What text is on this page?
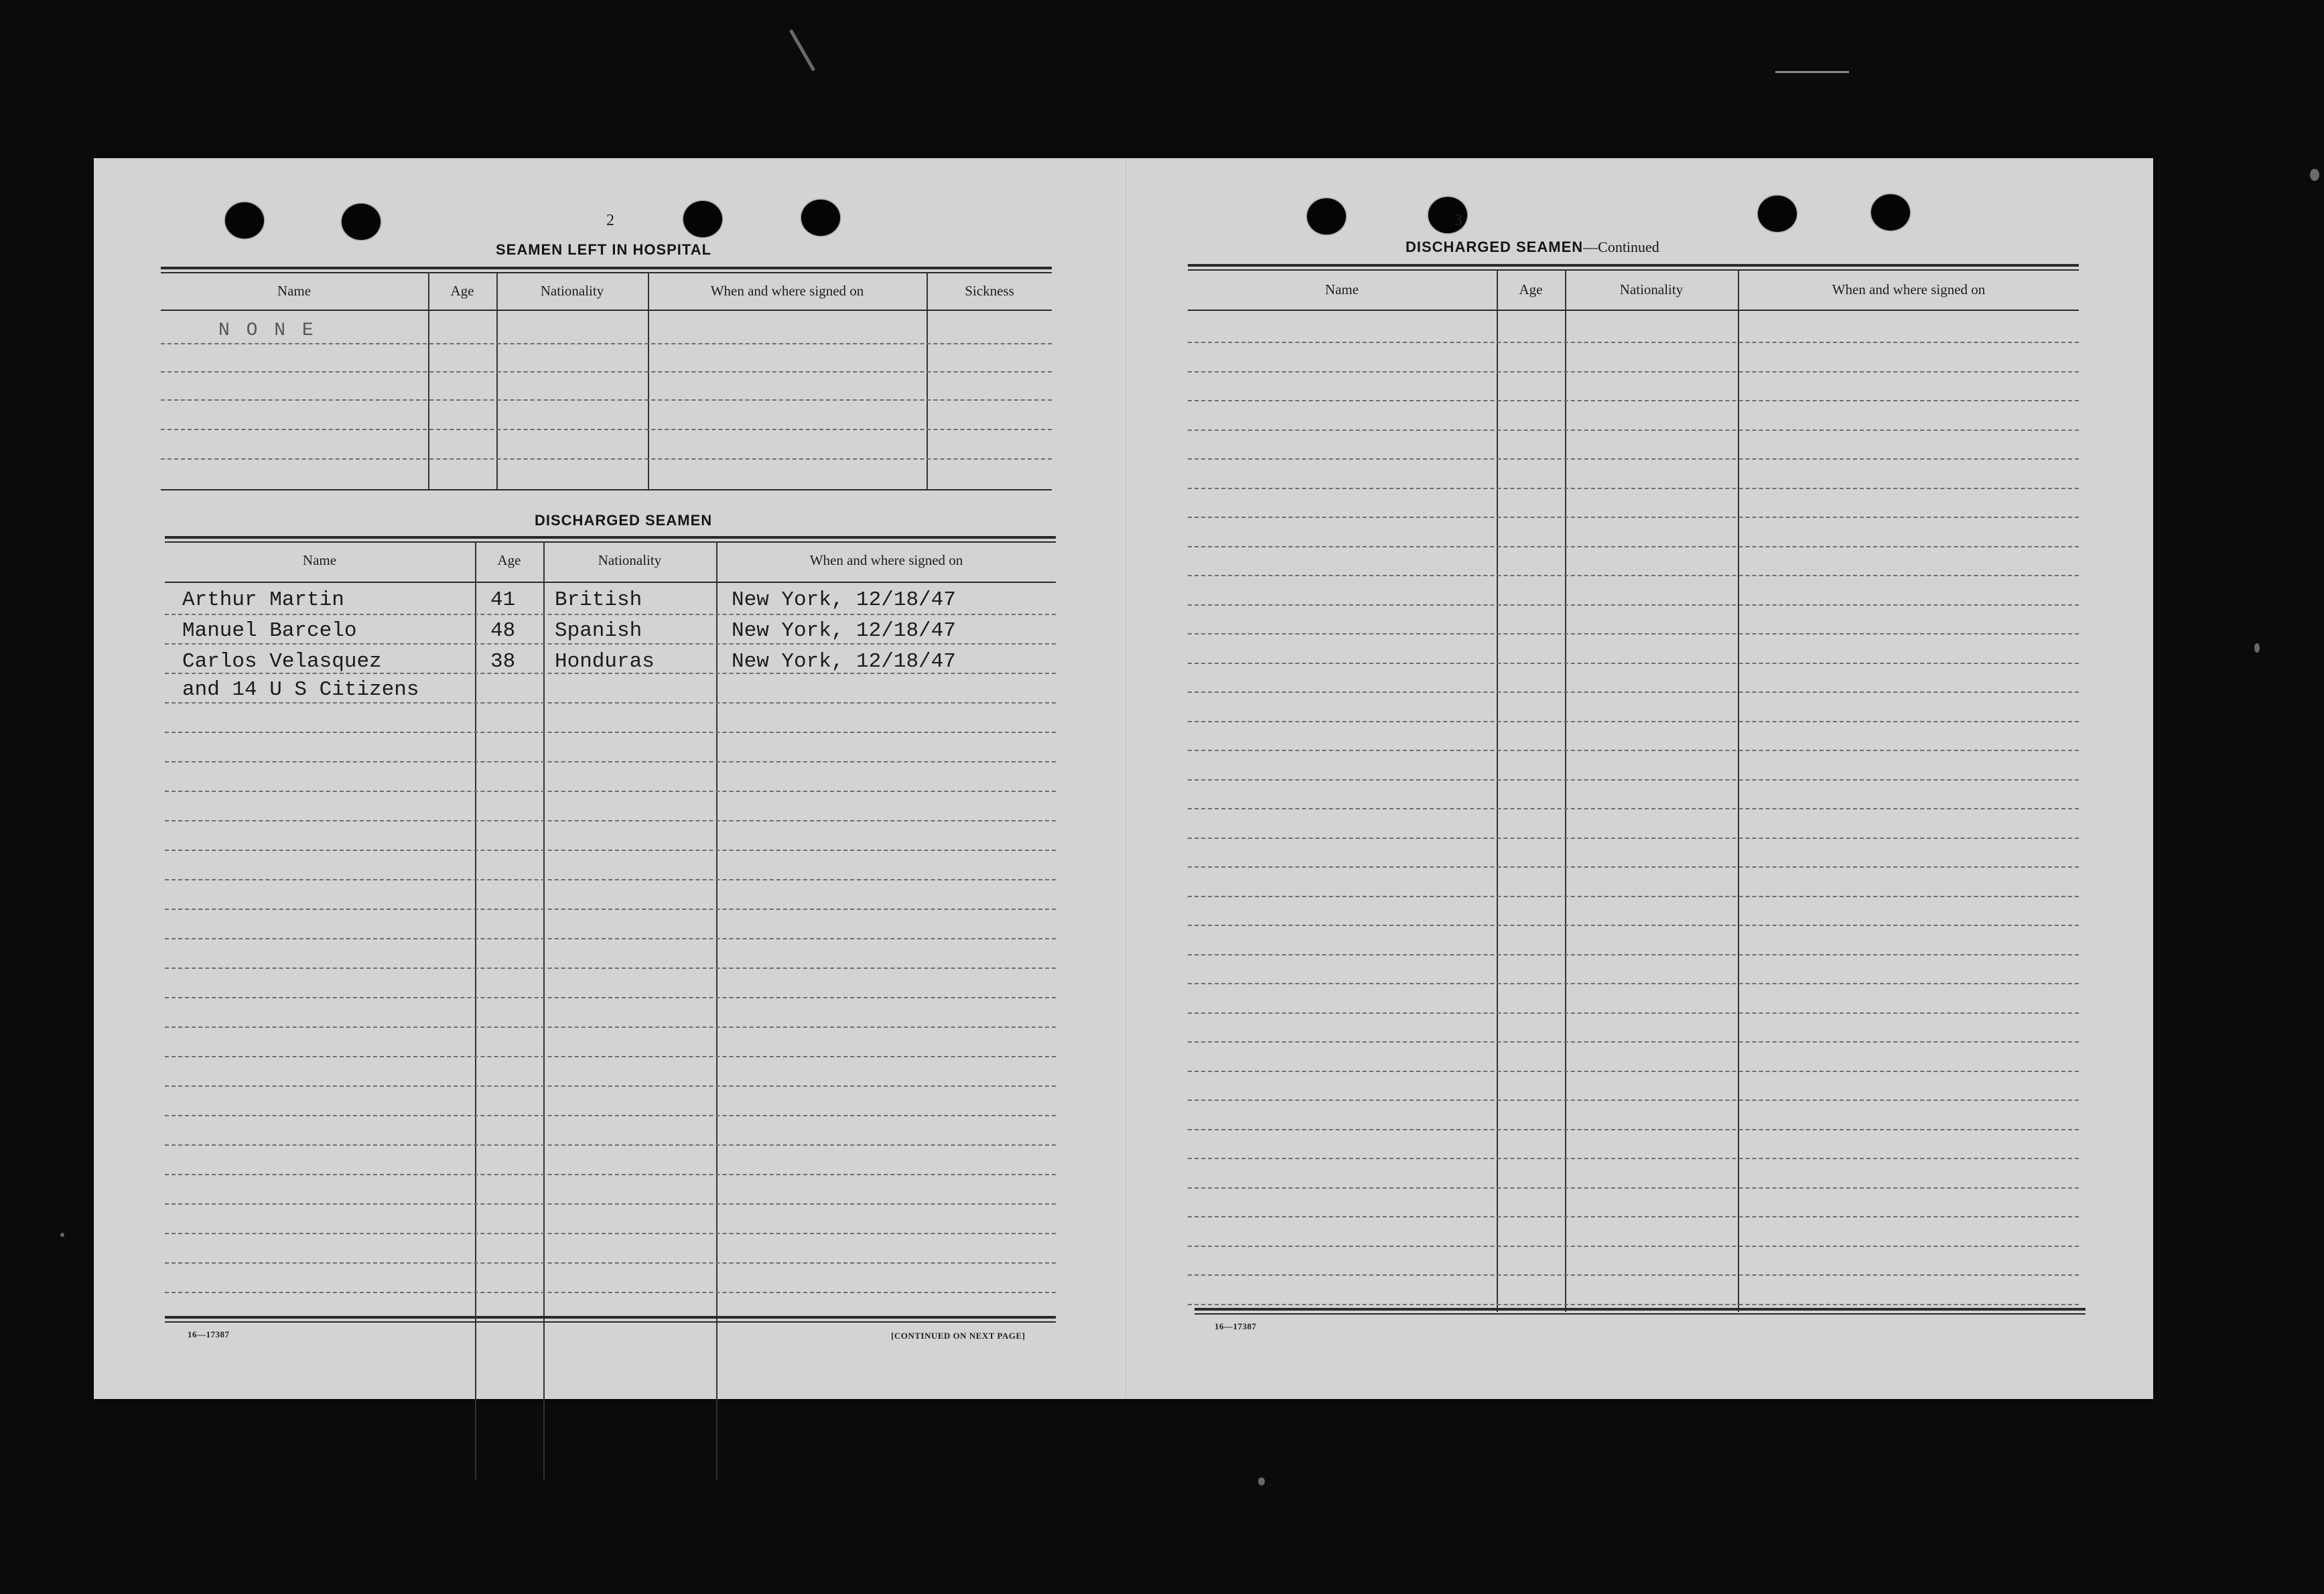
2
SEAMEN LEFT IN HOSPITAL
Name	Age	Nationality	When and where signed on	Sickness
N O N E
DISCHARGED SEAMEN
Name	Age	Nationality	When and where signed on
Arthur Martin	41 British	New York, 12/18/47
Manuel Barcelo	48 Spanish	New York, 12/18/47
Carlos Velasquez	38 Honduras	New York, 12/18/47
and 14 U S Citizens
16—17387	[CONTINUED ON NEXT PAGE]
3
DISCHARGED SEAMEN—Continued
Name	Age	Nationality	When and where signed on
16—17387
